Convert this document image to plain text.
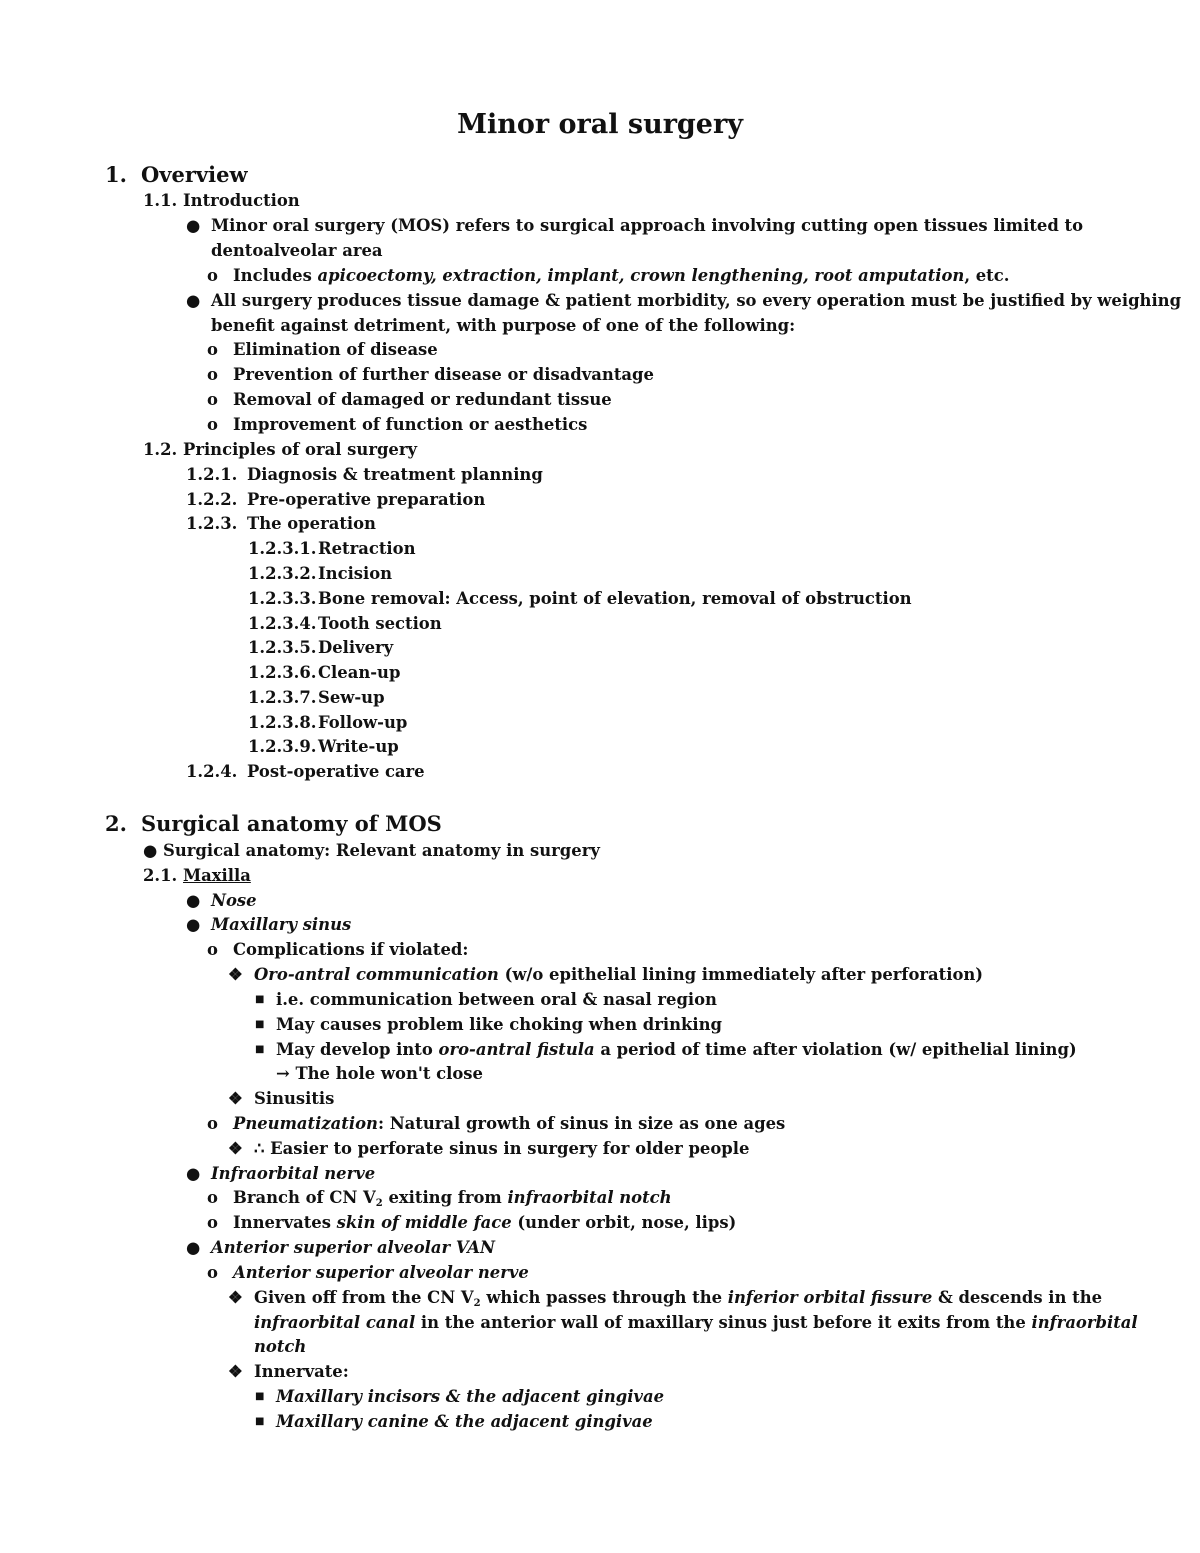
Minor oral surgery
1. Overview
1.1. Introduction
● Minor oral surgery (MOS) refers to surgical approach involving cutting open tissues limited to
dentoalveolar area
o Includes apicoectomy, extraction, implant, crown lengthening, root amputation, etc.
● All surgery produces tissue damage & patient morbidity, so every operation must be justified by weighing
benefit against detriment, with purpose of one of the following:
o Elimination of disease
o Prevention of further disease or disadvantage
o Removal of damaged or redundant tissue
o Improvement of function or aesthetics
1.2. Principles of oral surgery
1.2.1. Diagnosis & treatment planning
1.2.2. Pre-operative preparation
1.2.3. The operation
1.2.3.1. Retraction
1.2.3.2. Incision
1.2.3.3. Bone removal: Access, point of elevation, removal of obstruction
1.2.3.4. Tooth section
1.2.3.5. Delivery
1.2.3.6. Clean-up
1.2.3.7. Sew-up
1.2.3.8. Follow-up
1.2.3.9. Write-up
1.2.4. Post-operative care
2. Surgical anatomy of MOS
● Surgical anatomy: Relevant anatomy in surgery
2.1. Maxilla
● Nose
● Maxillary sinus
o Complications if violated:
❖ Oro-antral communication (w/o epithelial lining immediately after perforation)
■ i.e. communication between oral & nasal region
■ May causes problem like choking when drinking
■ May develop into oro-antral fistula a period of time after violation (w/ epithelial lining)
→ The hole won't close
❖ Sinusitis
o Pneumatization: Natural growth of sinus in size as one ages
❖ ∴ Easier to perforate sinus in surgery for older people
● Infraorbital nerve
o Branch of CN $V_2$ exiting from infraorbital notch
o Innervates skin of middle face (under orbit, nose, lips)
● Anterior superior alveolar VAN
o Anterior superior alveolar nerve
❖ Given off from the CN $V_2$ which passes through the inferior orbital fissure & descends in the
infraorbital canal in the anterior wall of maxillary sinus just before it exits from the infraorbital
notch
❖ Innervate:
■ Maxillary incisors & the adjacent gingivae
■ Maxillary canine & the adjacent gingivae
